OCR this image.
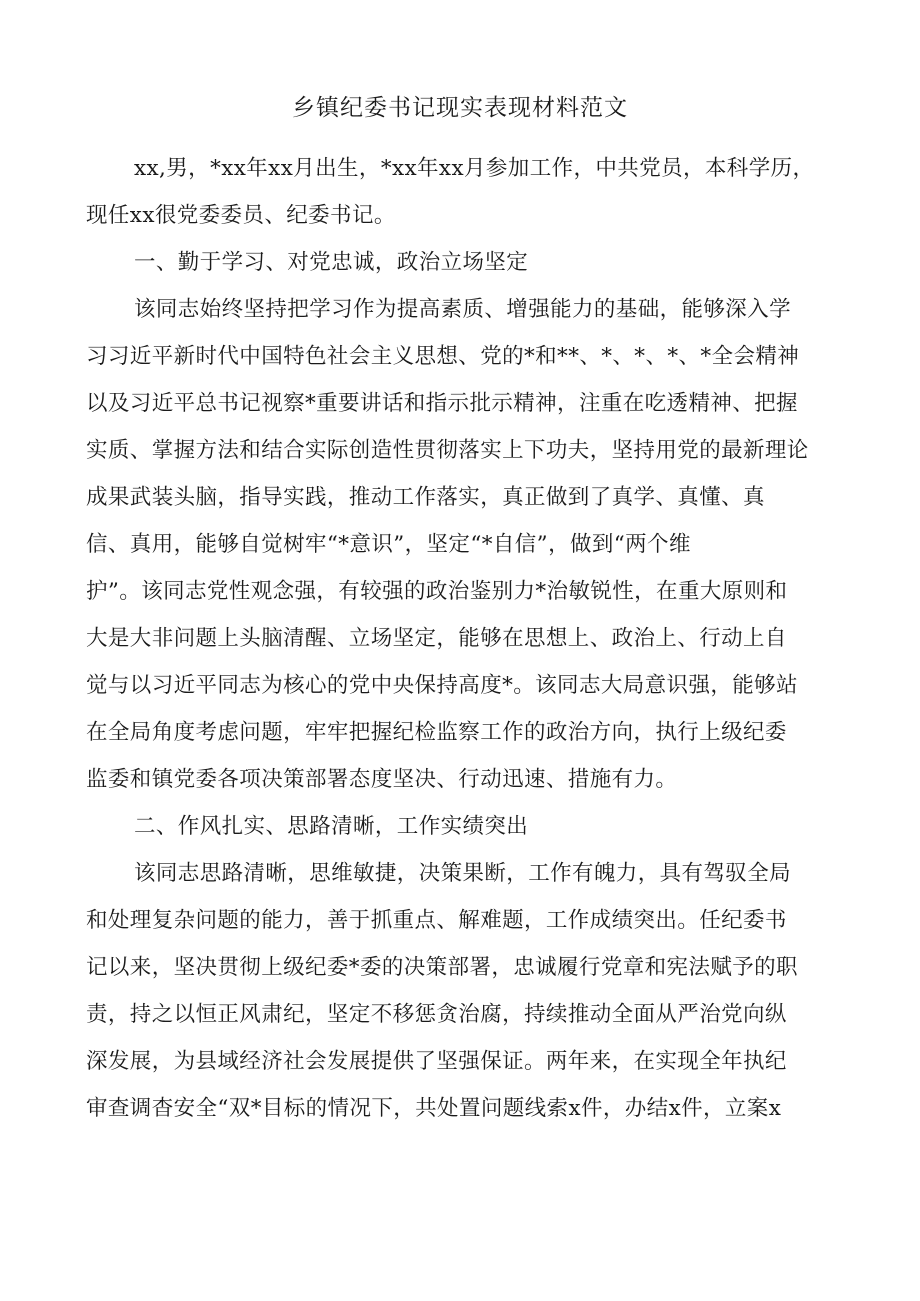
乡镇纪委书记现实表现材料范文

xx,男，*xx年xx月出生，*xx年xx月参加工作，中共党员，本科学历，

现任xx很党委委员、纪委书记。

一、勤于学习、对党忠诚，政治立场坚定

该同志始终坚持把学习作为提高素质、增强能力的基础，能够深入学

习习近平新时代中国特色社会主义思想、党的*和**、*、*、*、*全会精神

以及习近平总书记视察*重要讲话和指示批示精神，注重在吃透精神、把握

实质、掌握方法和结合实际创造性贯彻落实上下功夫，坚持用党的最新理论

成果武装头脑，指导实践，推动工作落实，真正做到了真学、真懂、真

信、真用，能够自觉树牢“*意识”，坚定“*自信”，做到“两个维

护”。该同志党性观念强，有较强的政治鉴别力*治敏锐性，在重大原则和

大是大非问题上头脑清醒、立场坚定，能够在思想上、政治上、行动上自

觉与以习近平同志为核心的党中央保持高度*。该同志大局意识强，能够站

在全局角度考虑问题，牢牢把握纪检监察工作的政治方向，执行上级纪委

监委和镇党委各项决策部署态度坚决、行动迅速、措施有力。

二、作风扎实、思路清晰，工作实绩突出

该同志思路清晰，思维敏捷，决策果断，工作有魄力，具有驾驭全局

和处理复杂问题的能力，善于抓重点、解难题，工作成绩突出。任纪委书

记以来，坚决贯彻上级纪委*委的决策部署，忠诚履行党章和宪法赋予的职

责，持之以恒正风肃纪，坚定不移惩贪治腐，持续推动全面从严治党向纵

深发展，为县域经济社会发展提供了坚强保证。两年来，在实现全年执纪

审查调杳安全“双*目标的情况下，共处置问题线索x件，办结x件，立案x
